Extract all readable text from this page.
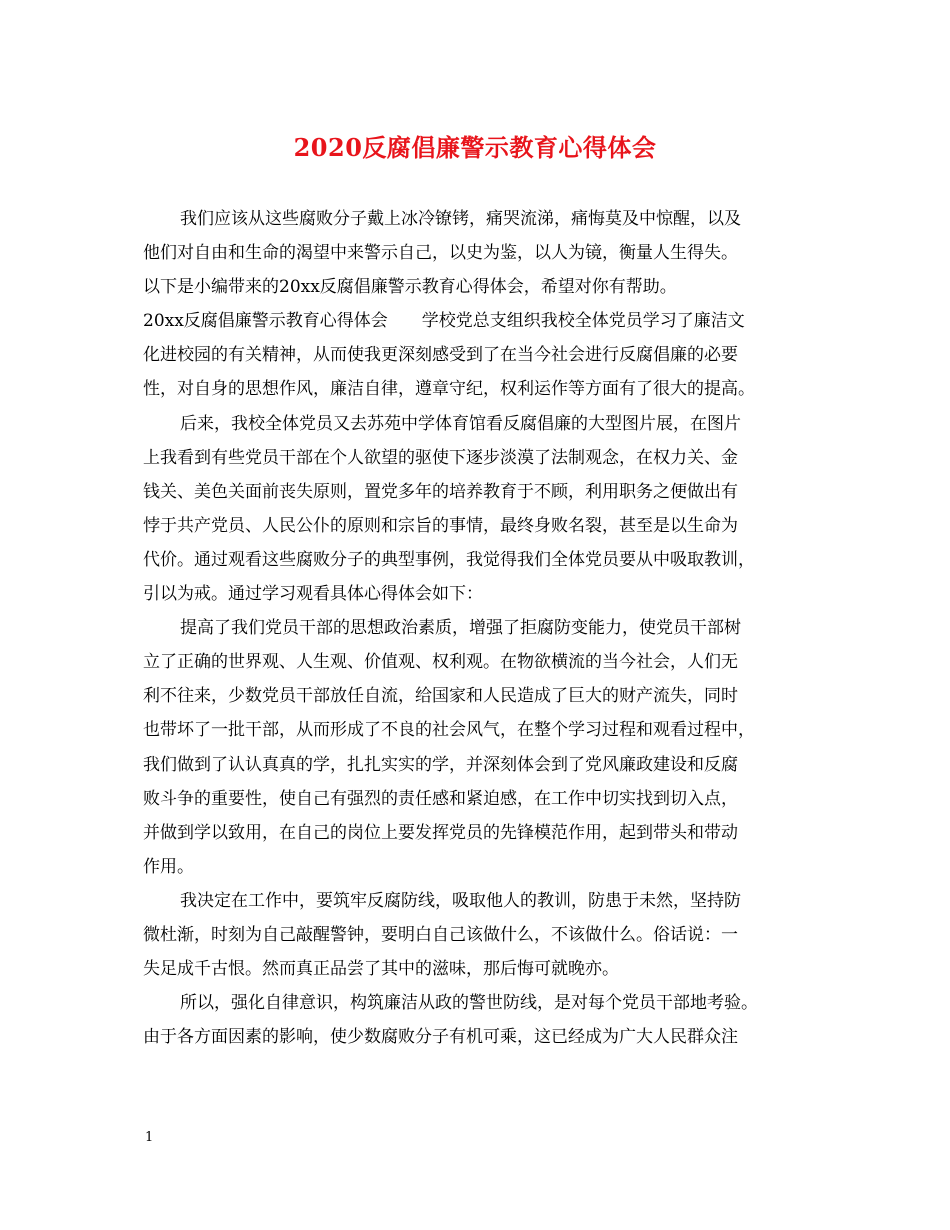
2020反腐倡廉警示教育心得体会
我们应该从这些腐败分子戴上冰冷镣铐，痛哭流涕，痛悔莫及中惊醒，以及
他们对自由和生命的渴望中来警示自己，以史为鉴，以人为镜，衡量人生得失。
以下是小编带来的20xx反腐倡廉警示教育心得体会，希望对你有帮助。
20xx反腐倡廉警示教育心得体会　　学校党总支组织我校全体党员学习了廉洁文
化进校园的有关精神，从而使我更深刻感受到了在当今社会进行反腐倡廉的必要
性，对自身的思想作风，廉洁自律，遵章守纪，权利运作等方面有了很大的提高。
后来，我校全体党员又去苏苑中学体育馆看反腐倡廉的大型图片展，在图片
上我看到有些党员干部在个人欲望的驱使下逐步淡漠了法制观念，在权力关、金
钱关、美色关面前丧失原则，置党多年的培养教育于不顾，利用职务之便做出有
悖于共产党员、人民公仆的原则和宗旨的事情，最终身败名裂，甚至是以生命为
代价。通过观看这些腐败分子的典型事例，我觉得我们全体党员要从中吸取教训，
引以为戒。通过学习观看具体心得体会如下：
提高了我们党员干部的思想政治素质，增强了拒腐防变能力，使党员干部树
立了正确的世界观、人生观、价值观、权利观。在物欲横流的当今社会，人们无
利不往来，少数党员干部放任自流，给国家和人民造成了巨大的财产流失，同时
也带坏了一批干部，从而形成了不良的社会风气，在整个学习过程和观看过程中，
我们做到了认认真真的学，扎扎实实的学，并深刻体会到了党风廉政建设和反腐
败斗争的重要性，使自己有强烈的责任感和紧迫感，在工作中切实找到切入点，
并做到学以致用，在自己的岗位上要发挥党员的先锋模范作用，起到带头和带动
作用。
我决定在工作中，要筑牢反腐防线，吸取他人的教训，防患于未然，坚持防
微杜渐，时刻为自己敲醒警钟，要明白自己该做什么，不该做什么。俗话说：一
失足成千古恨。然而真正品尝了其中的滋味，那后悔可就晚亦。
所以，强化自律意识，构筑廉洁从政的警世防线，是对每个党员干部地考验。
由于各方面因素的影响，使少数腐败分子有机可乘，这已经成为广大人民群众注
1
